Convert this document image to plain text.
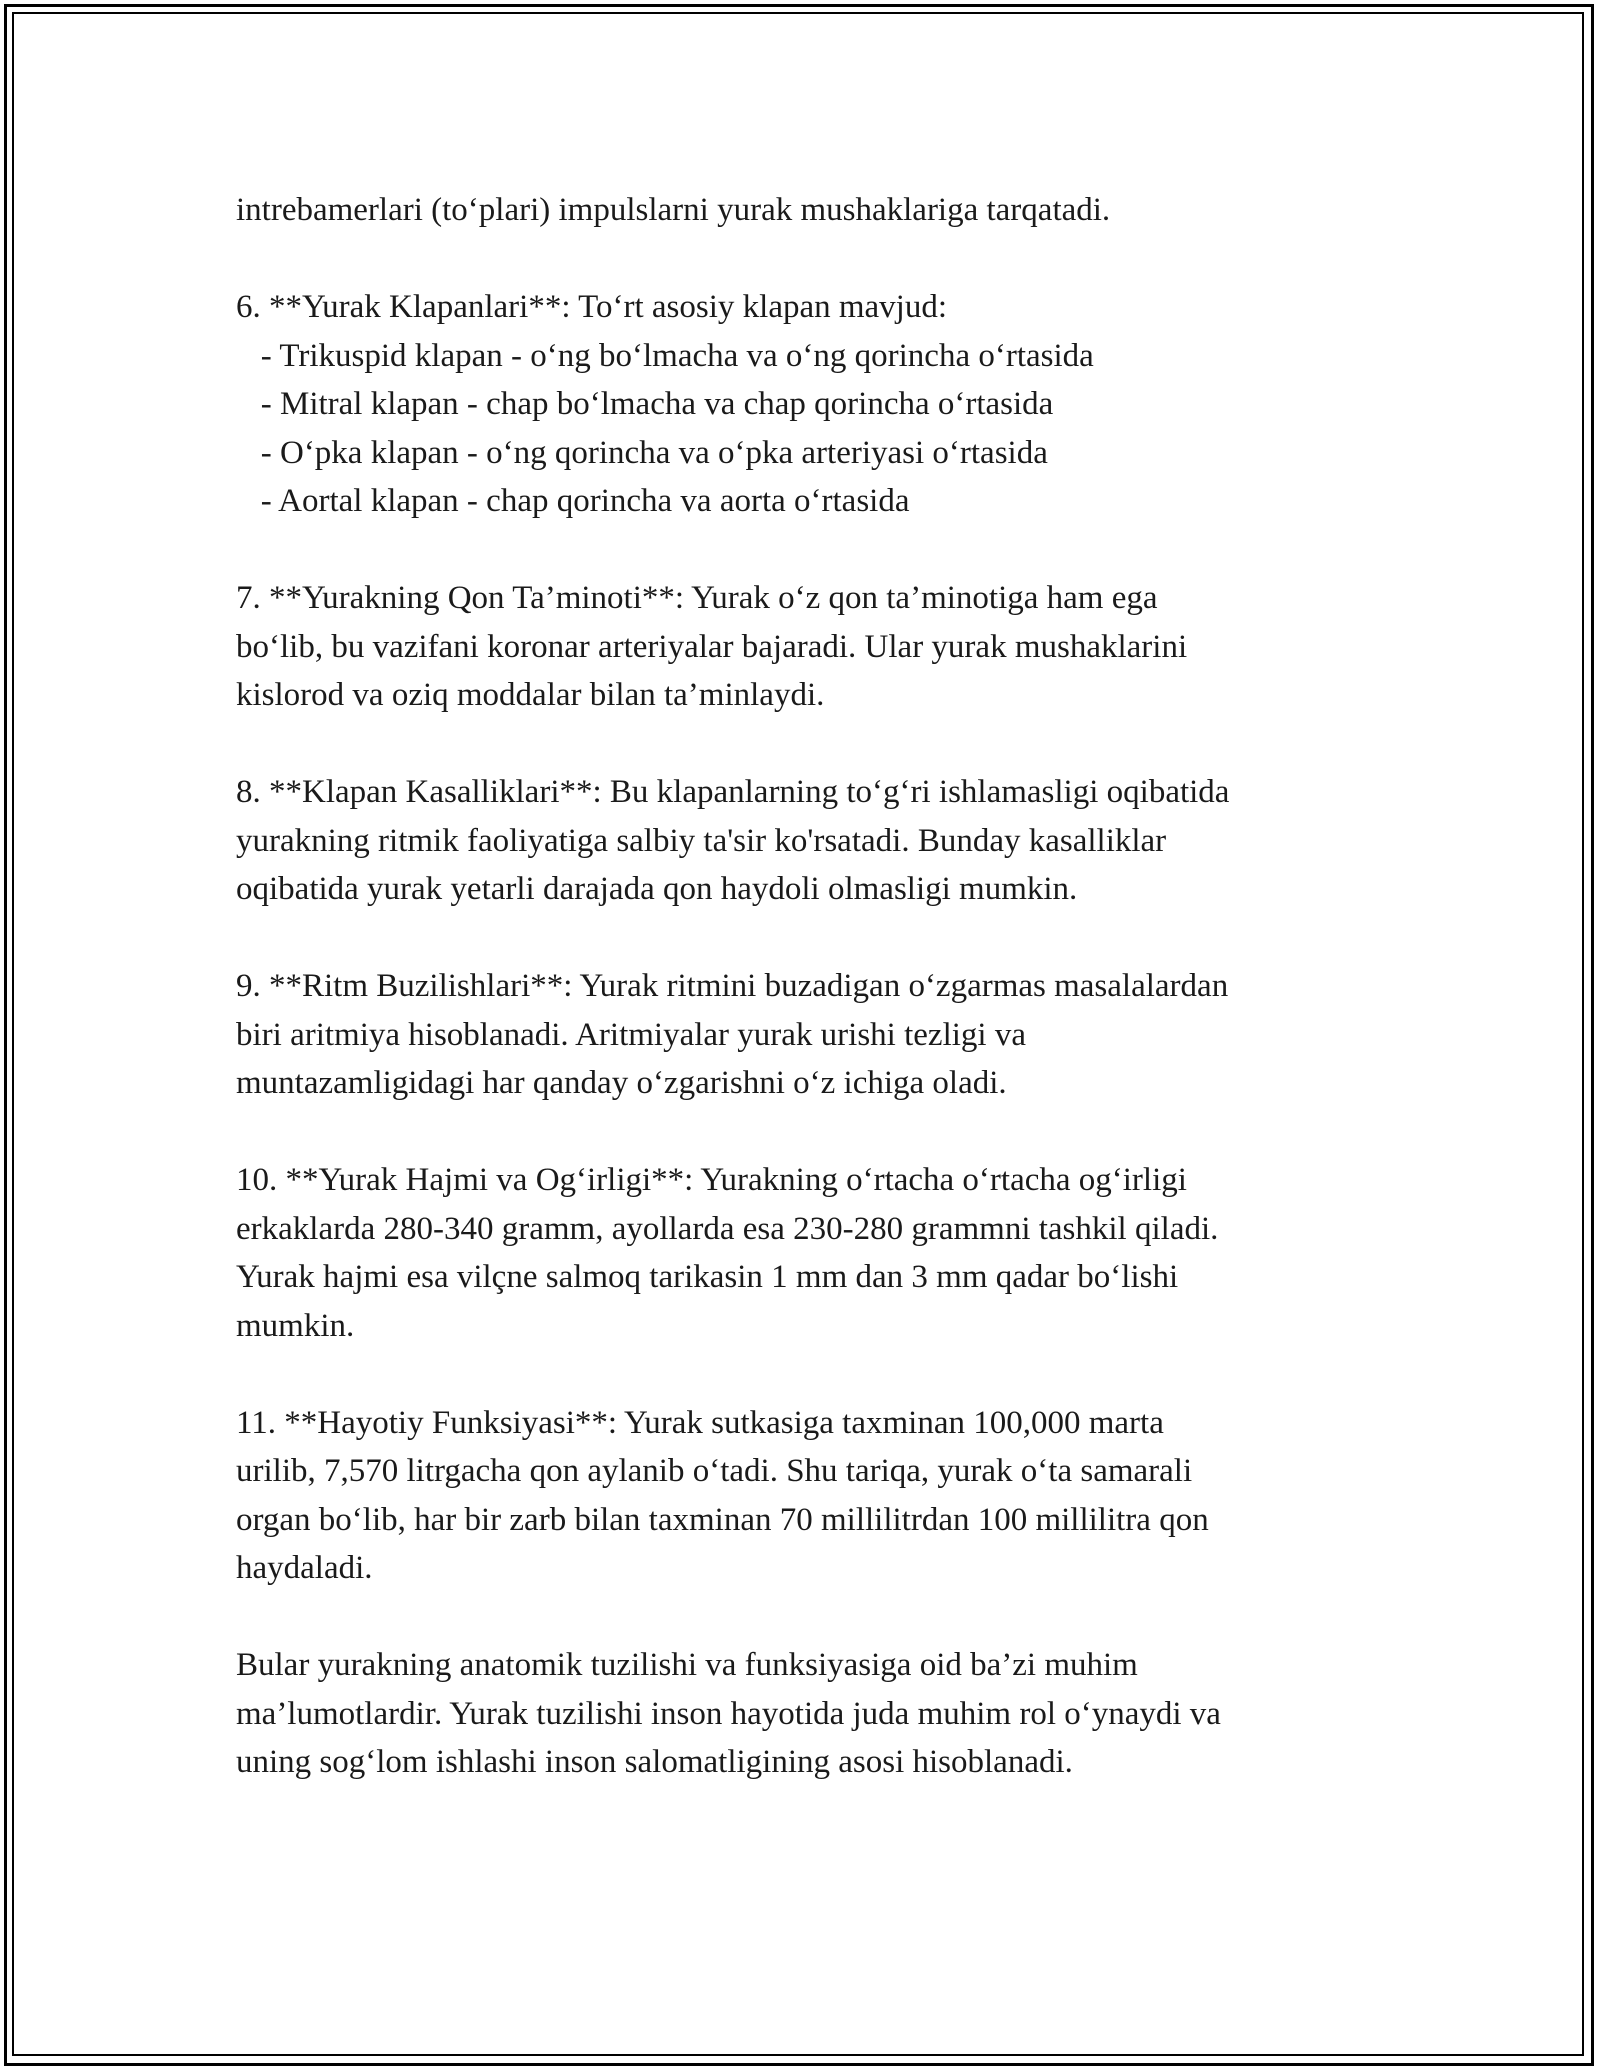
intrebamerlari (to‘plari) impulslarni yurak mushaklariga tarqatadi.

6. **Yurak Klapanlari**: To‘rt asosiy klapan mavjud:

- Trikuspid klapan - o‘ng bo‘lmacha va o‘ng qorincha o‘rtasida

- Mitral klapan - chap bo‘lmacha va chap qorincha o‘rtasida

- O‘pka klapan - o‘ng qorincha va o‘pka arteriyasi o‘rtasida

- Aortal klapan - chap qorincha va aorta o‘rtasida

7. **Yurakning Qon Ta’minoti**: Yurak o‘z qon ta’minotiga ham ega

bo‘lib, bu vazifani koronar arteriyalar bajaradi. Ular yurak mushaklarini

kislorod va oziq moddalar bilan ta’minlaydi.

8. **Klapan Kasalliklari**: Bu klapanlarning to‘g‘ri ishlamasligi oqibatida

yurakning ritmik faoliyatiga salbiy ta'sir ko'rsatadi. Bunday kasalliklar

oqibatida yurak yetarli darajada qon haydoli olmasligi mumkin.

9. **Ritm Buzilishlari**: Yurak ritmini buzadigan o‘zgarmas masalalardan

biri aritmiya hisoblanadi. Aritmiyalar yurak urishi tezligi va

muntazamligidagi har qanday o‘zgarishni o‘z ichiga oladi.

10. **Yurak Hajmi va Og‘irligi**: Yurakning o‘rtacha o‘rtacha og‘irligi

erkaklarda 280-340 gramm, ayollarda esa 230-280 grammni tashkil qiladi.

Yurak hajmi esa vilçne salmoq tarikasin 1 mm dan 3 mm qadar bo‘lishi

mumkin.

11. **Hayotiy Funksiyasi**: Yurak sutkasiga taxminan 100,000 marta

urilib, 7,570 litrgacha qon aylanib o‘tadi. Shu tariqa, yurak o‘ta samarali

organ bo‘lib, har bir zarb bilan taxminan 70 millilitrdan 100 millilitra qon

haydaladi.

Bular yurakning anatomik tuzilishi va funksiyasiga oid ba’zi muhim

ma’lumotlardir. Yurak tuzilishi inson hayotida juda muhim rol o‘ynaydi va

uning sog‘lom ishlashi inson salomatligining asosi hisoblanadi.
